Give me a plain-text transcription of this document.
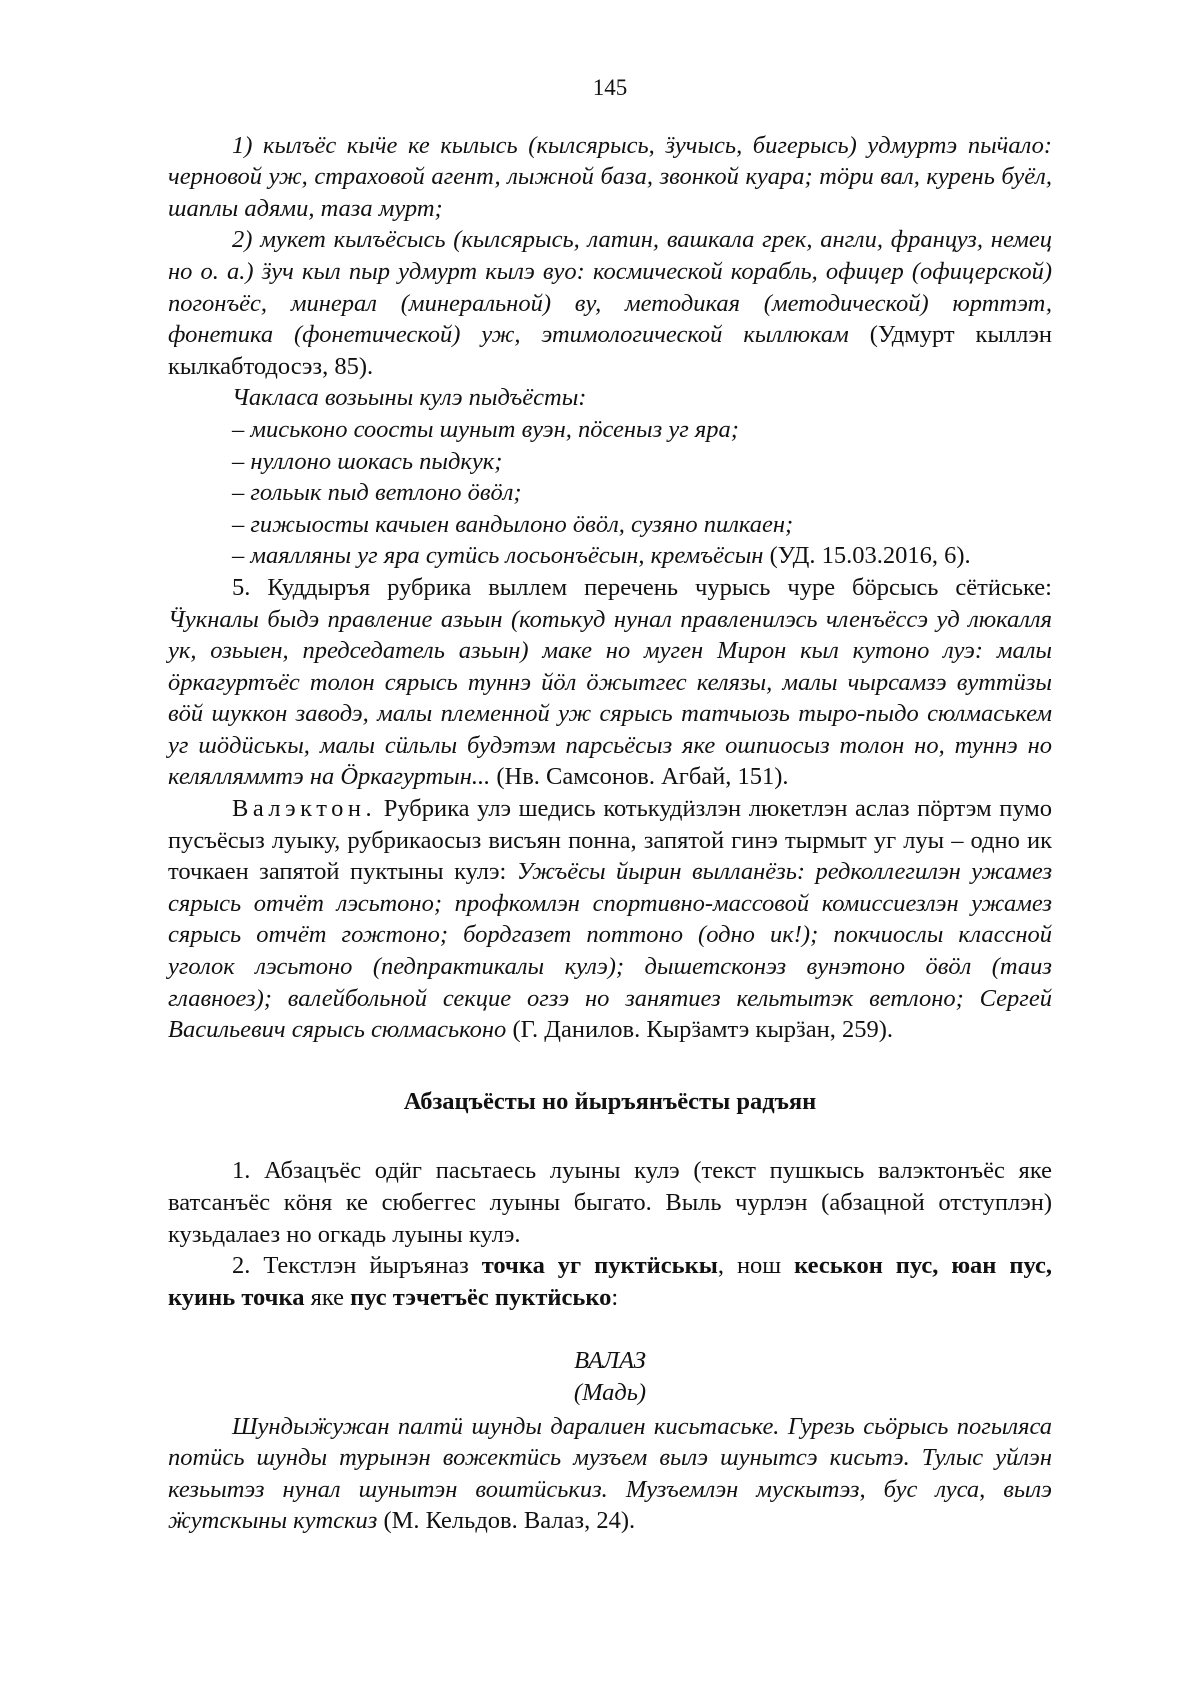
145

1) кылъёс кыӵе ке кылысь (кылсярысь, ӟучысь, бигерысь) удмуртэ пыӵало: черновой уж, страховой агент, лыжной база, звонкой куара; тӧри вал, курень буёл, шаплы адями, таза мурт;

2) мукет кылъёсысь (кылсярысь, латин, вашкала грек, англи, француз, немец но о. а.) ӟуч кыл пыр удмурт кылэ вуо: космической корабль, офицер (офицерской) погонъёс, минерал (минеральной) ву, методикая (методической) юрттэт, фонетика (фонетической) уж, этимологической кыллюкам (Удмурт кыллэн кылкабтодосэз, 85).

Чакласа возьыны кулэ пыдъёсты:

– миськоно соосты шуныт вуэн, пӧсеныз уг яра;
– нуллоно шокась пыдкук;
– гольык пыд ветлоно ӧвӧл;
– гижыосты качыен вандылоно ӧвӧл, сузяно пилкаен;
– маялляны уг яра сутӥсь лосьонъёсын, кремъёсын (УД. 15.03.2016, 6).

5. Куддыръя рубрика выллем перечень чурысь чуре бӧрсысь сётӥське: Ӵукналы быдэ правление азьын (котькуд нунал правленилэсь членъёссэ уд люкалля ук, озьыен, председатель азьын) маке но муген Мирон кыл кутоно луэ: малы ӧркагуртъёс толон сярысь туннэ йӧл ӧжытгес келязы, малы чырсамзэ вуттӥзы вӧй шуккон заводэ, малы племенной уж сярысь татчыозь тыро-пыдо сюлмаськем уг шӧдӥськы, малы сӥльлы будэтэм парсьёсыз яке ошпиосыз толон но, туннэ но келялляммтэ на Ӧркагуртын... (Нв. Самсонов. Агбай, 151).

Валэктон. Рубрика улэ шедись котькудӥзлэн люкетлэн аслаз пӧртэм пумо пусъёсыз луыку, рубрикаосыз висъян понна, запятой гинэ тырмыт уг луы – одно ик точкаен запятой пуктыны кулэ: Ужъёсы йырин вылланёзь: редколлегилэн ужамез сярысь отчёт лэсьтоно; профкомлэн спортивно-массовой комиссиезлэн ужамез сярысь отчёт гожтоно; бордгазет поттоно (одно ик!); покчиослы классной уголок лэсьтоно (педпрактикалы кулэ); дышетсконэз вунэтоно ӧвӧл (таиз главноез); валейбольной секцие огзэ но занятиез кельтытэк ветлоно; Сергей Васильевич сярысь сюлмаськоно (Г. Данилов. Кырӟамтэ кырӟан, 259).

Абзацъёсты но йыръянъёсты радъян

1. Абзацъёс одӥг пасьтаесь луыны кулэ (текст пушкысь валэктонъёс яке ватсанъёс кӧня ке сюбеггес луыны быгато. Выль чурлэн (абзацной отступлэн) кузьдалаез но огкадь луыны кулэ.

2. Текстлэн йыръяназ точка уг пуктӥськы, нош кеськон пус, юан пус, куинь точка яке пус тэчетъёс пуктӥсько:

ВАЛАЗ
(Мадь)

Шундыӝужан палтӥ шунды даралиен кисьтаське. Гурезь сьӧрысь погыляса потӥсь шунды турынэн вожектӥсь музъем вылэ шунытсэ кисьтэ. Тулыс уйлэн кезьытэз нунал шунытэн воштӥськиз. Музъемлэн мускытэз, бус луса, вылэ ӝутскыны кутскиз (М. Кельдов. Валаз, 24).
